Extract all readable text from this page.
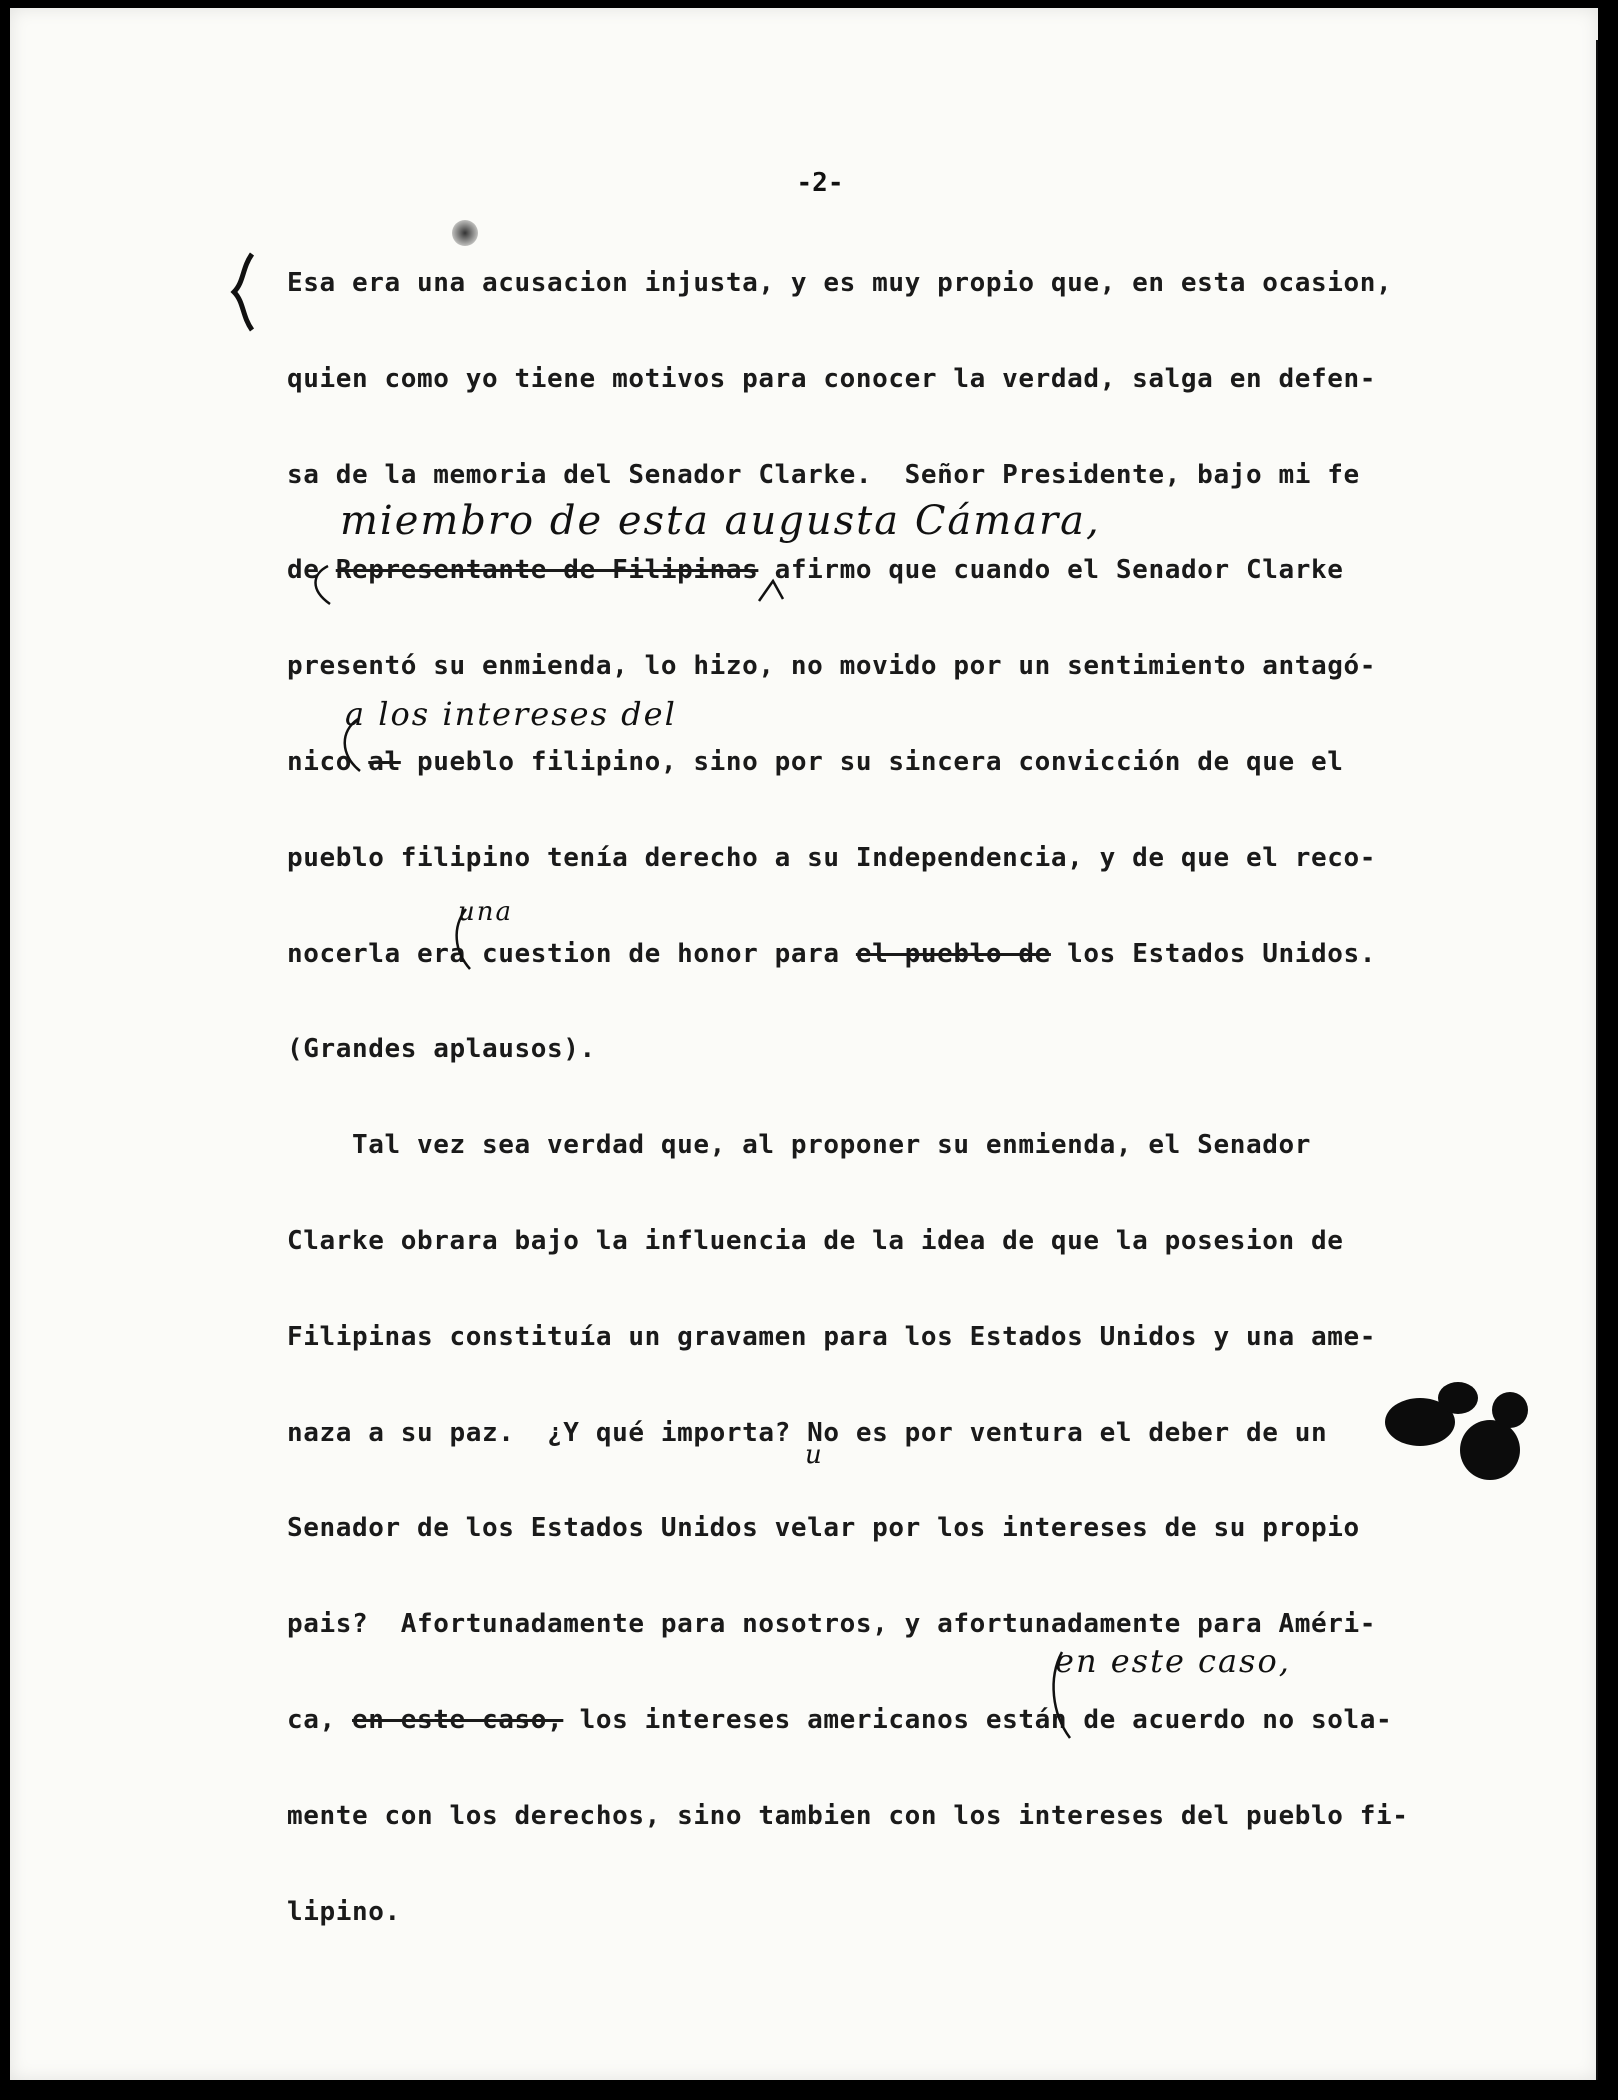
-2-

Esa era una acusacion injusta, y es muy propio que, en esta ocasion,

quien como yo tiene motivos para conocer la verdad, salga en defen-

sa de la memoria del Senador Clarke.  Señor Presidente, bajo mi fe

de Representante de Filipinas afirmo que cuando el Senador Clarke

presentó su enmienda, lo hizo, no movido por un sentimiento antagó-

nico al pueblo filipino, sino por su sincera convicción de que el

pueblo filipino tenía derecho a su Independencia, y de que el reco-

nocerla era cuestion de honor para el pueblo de los Estados Unidos.

(Grandes aplausos).

Tal vez sea verdad que, al proponer su enmienda, el Senador

Clarke obrara bajo la influencia de la idea de que la posesion de

Filipinas constituía un gravamen para los Estados Unidos y una ame-

naza a su paz.  ¿Y qué importa? No es por ventura el deber de un

Senador de los Estados Unidos velar por los intereses de su propio

pais?  Afortunadamente para nosotros, y afortunadamente para Améri-

ca, en este caso, los intereses americanos están de acuerdo no sola-

mente con los derechos, sino tambien con los intereses del pueblo fi-

lipino.

miembro de esta augusta Cámara,

a los intereses del

una

u

en este caso,
